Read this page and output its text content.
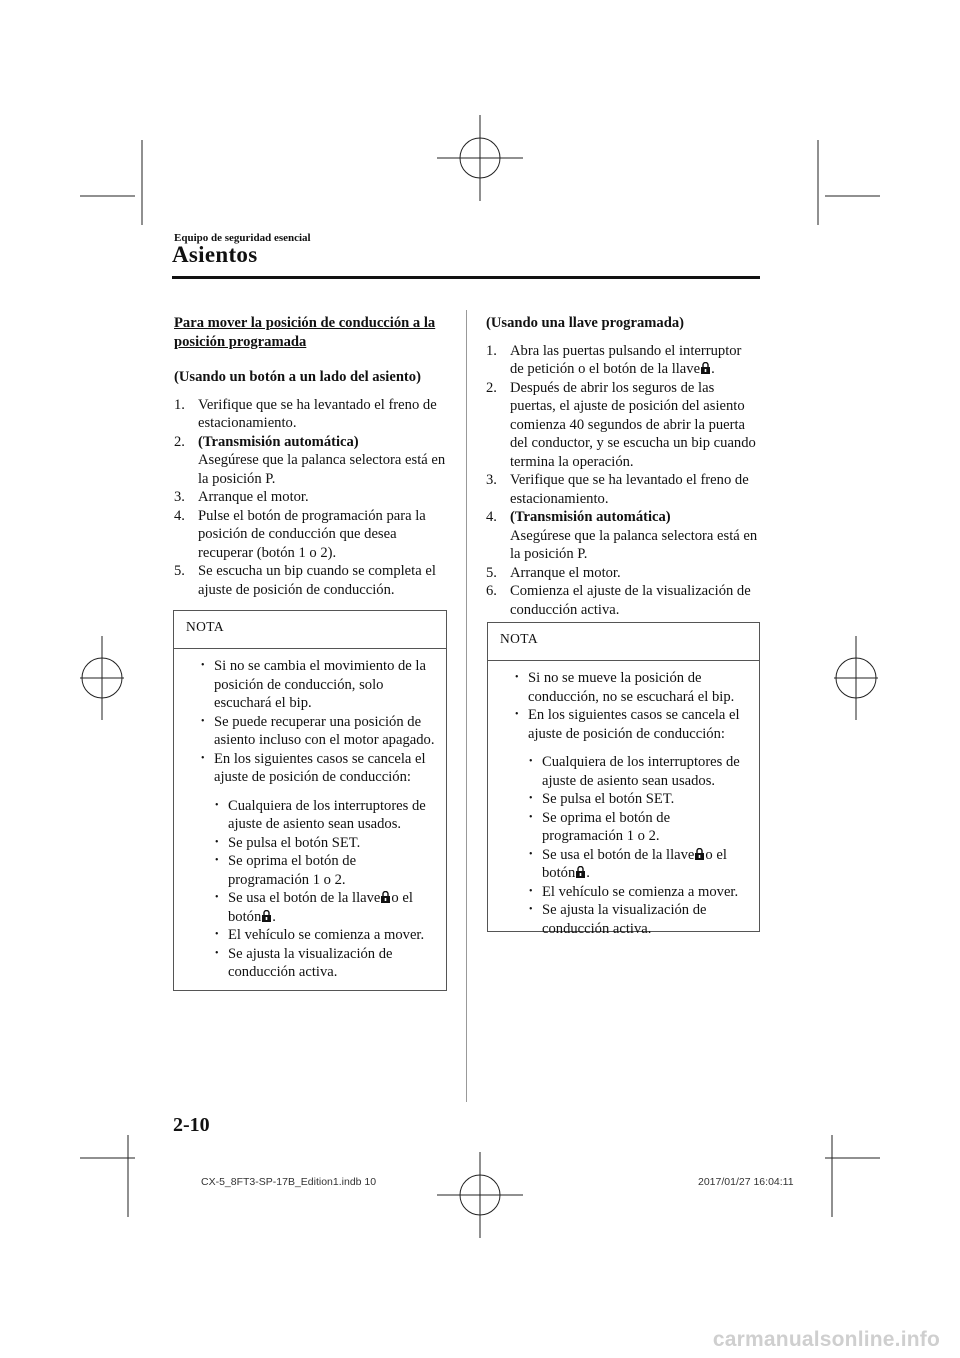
Equipo de seguridad esencial
Asientos

Para mover la posición de conducción a la posición programada

(Usando un botón a un lado del asiento)

1. Verifique que se ha levantado el freno de estacionamiento.
2. (Transmisión automática)
Asegúrese que la palanca selectora está en la posición P.
3. Arranque el motor.
4. Pulse el botón de programación para la posición de conducción que desea recuperar (botón 1 o 2).
5. Se escucha un bip cuando se completa el ajuste de posición de conducción.
NOTA
• Si no se cambia el movimiento de la posición de conducción, solo escuchará el bip.
• Se puede recuperar una posición de asiento incluso con el motor apagado.
• En los siguientes casos se cancela el ajuste de posición de conducción:
• Cualquiera de los interruptores de ajuste de asiento sean usados.
• Se pulsa el botón SET.
• Se oprima el botón de programación 1 o 2.
• Se usa el botón de la llave o el
botón .
• El vehículo se comienza a mover.
• Se ajusta la visualización de conducción activa.

(Usando una llave programada)

1. Abra las puertas pulsando el interruptor de petición o el botón de la llave .
2. Después de abrir los seguros de las puertas, el ajuste de posición del asiento comienza 40 segundos de abrir la puerta del conductor, y se escucha un bip cuando termina la operación.
3. Verifique que se ha levantado el freno de estacionamiento.
4. (Transmisión automática)
Asegúrese que la palanca selectora está en la posición P.
5. Arranque el motor.
6. Comienza el ajuste de la visualización de conducción activa.
NOTA
• Si no se mueve la posición de conducción, no se escuchará el bip.
• En los siguientes casos se cancela el ajuste de posición de conducción:
• Cualquiera de los interruptores de ajuste de asiento sean usados.
• Se pulsa el botón SET.
• Se oprima el botón de programación 1 o 2.
• Se usa el botón de la llave o el
botón .
• El vehículo se comienza a mover.
• Se ajusta la visualización de conducción activa.
2-10
CX-5_8FT3-SP-17B_Edition1.indb 10	2017/01/27 16:04:11
carmanualsonline.info
